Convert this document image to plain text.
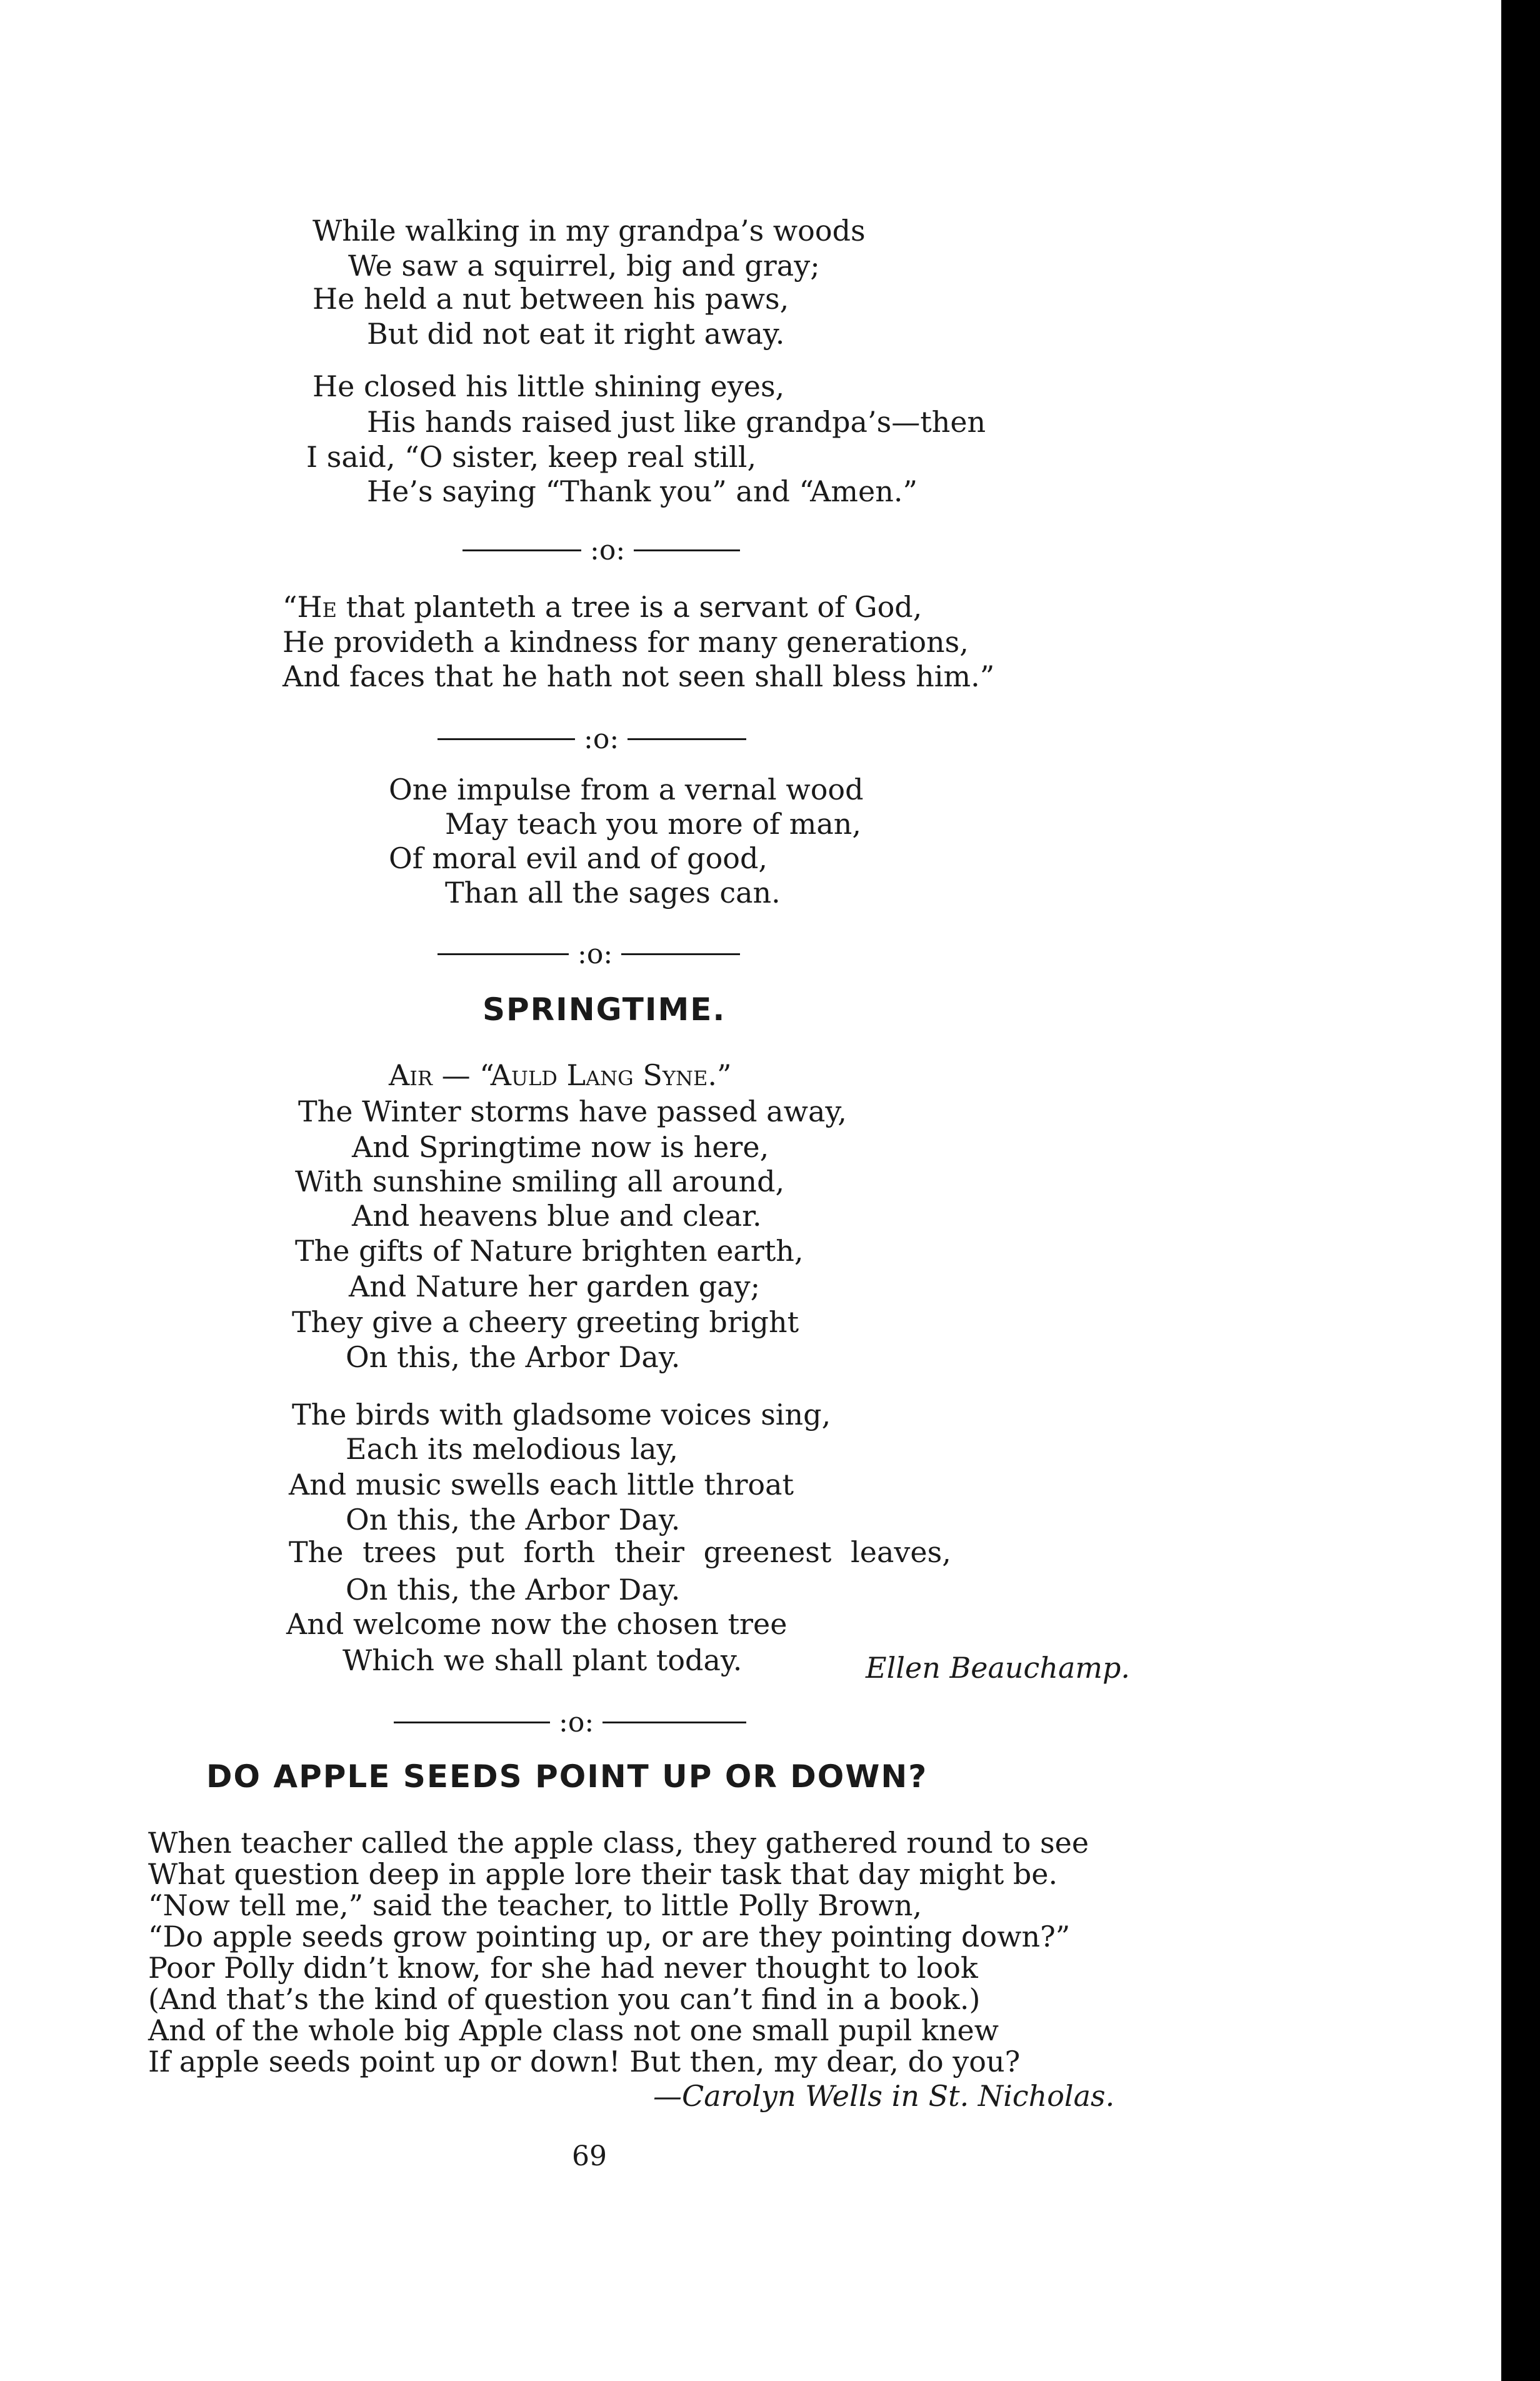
While walking in my grandpa’s woods
We saw a squirrel, big and gray;
He held a nut between his paws,
But did not eat it right away.
He closed his little shining eyes,
His hands raised just like grandpa’s—then
I said, “O sister, keep real still,
He’s saying “Thank you” and “Amen.”
:o:
“He that planteth a tree is a servant of God,
He provideth a kindness for many generations,
And faces that he hath not seen shall bless him.”
:o:
One impulse from a vernal wood
May teach you more of man,
Of moral evil and of good,
Than all the sages can.
:o:
SPRINGTIME.
Air — “Auld Lang Syne.”
The Winter storms have passed away,
And Springtime now is here,
With sunshine smiling all around,
And heavens blue and clear.
The gifts of Nature brighten earth,
And Nature her garden gay;
They give a cheery greeting bright
On this, the Arbor Day.
The birds with gladsome voices sing,
Each its melodious lay,
And music swells each little throat
On this, the Arbor Day.
The trees put forth their greenest leaves,
On this, the Arbor Day.
And welcome now the chosen tree
Which we shall plant today.	Ellen Beauchamp.
:o:
DO APPLE SEEDS POINT UP OR DOWN?
When teacher called the apple class, they gathered round to see
What question deep in apple lore their task that day might be.
“Now tell me,” said the teacher, to little Polly Brown,
“Do apple seeds grow pointing up, or are they pointing down?”
Poor Polly didn’t know, for she had never thought to look
(And that’s the kind of question you can’t find in a book.)
And of the whole big Apple class not one small pupil knew
If apple seeds point up or down! But then, my dear, do you?
—Carolyn Wells in St. Nicholas.
69
